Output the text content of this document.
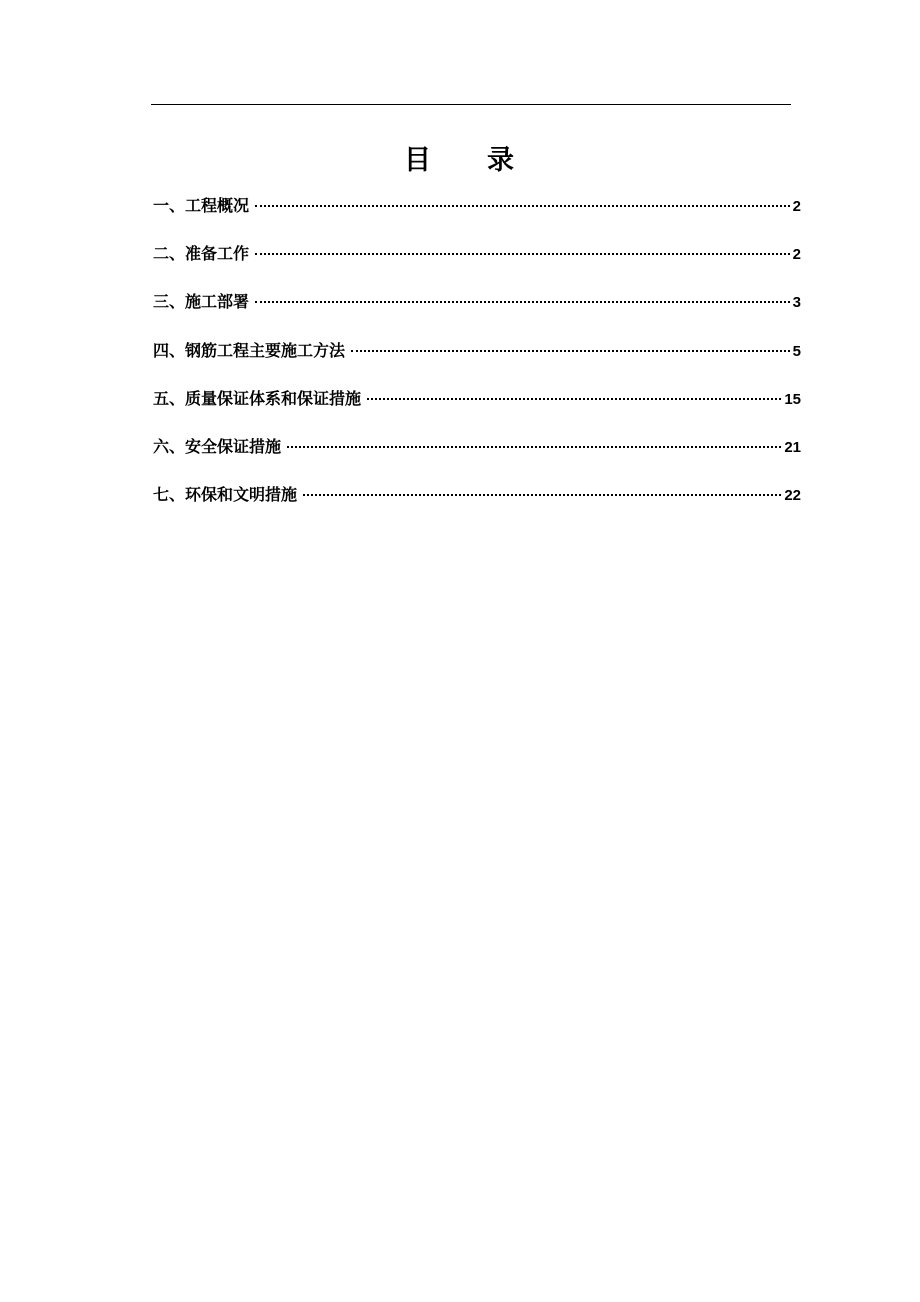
目 录
一、工程概况	2
二、准备工作	2
三、施工部署	3
四、钢筋工程主要施工方法	5
五、质量保证体系和保证措施	15
六、安全保证措施	21
七、环保和文明措施	22
